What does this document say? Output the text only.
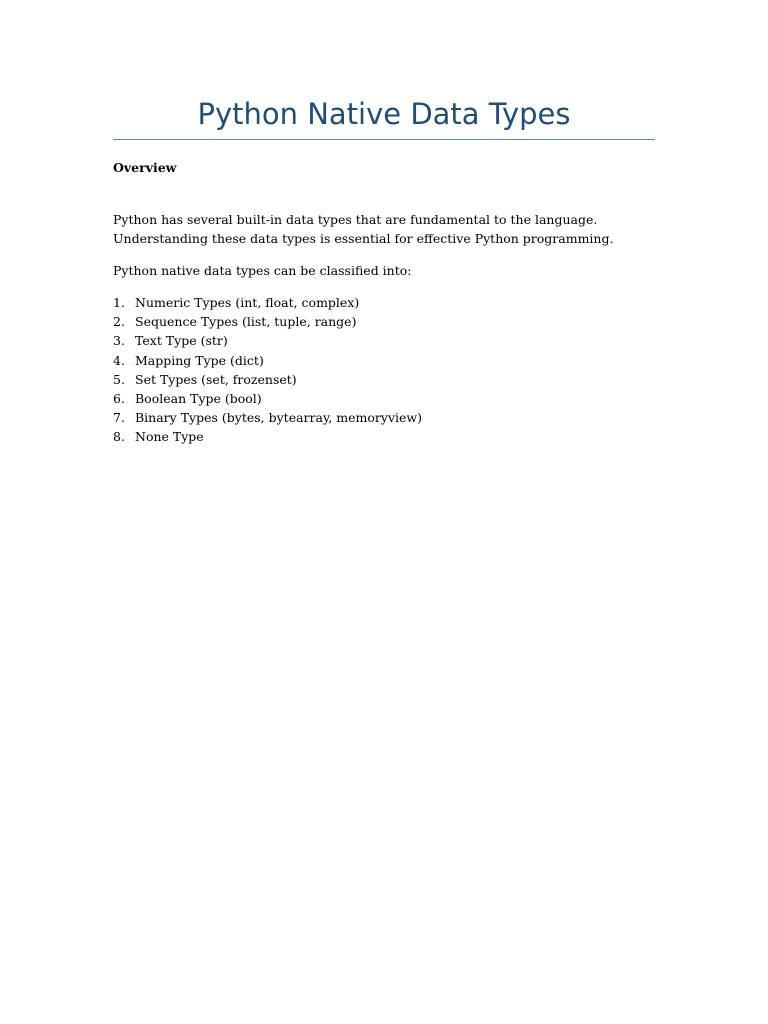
Python Native Data Types
Overview

Python has several built-in data types that are fundamental to the language. Understanding these data types is essential for effective Python programming.

Python native data types can be classified into:

1. Numeric Types (int, float, complex)
2. Sequence Types (list, tuple, range)
3. Text Type (str)
4. Mapping Type (dict)
5. Set Types (set, frozenset)
6. Boolean Type (bool)
7. Binary Types (bytes, bytearray, memoryview)
8. None Type
